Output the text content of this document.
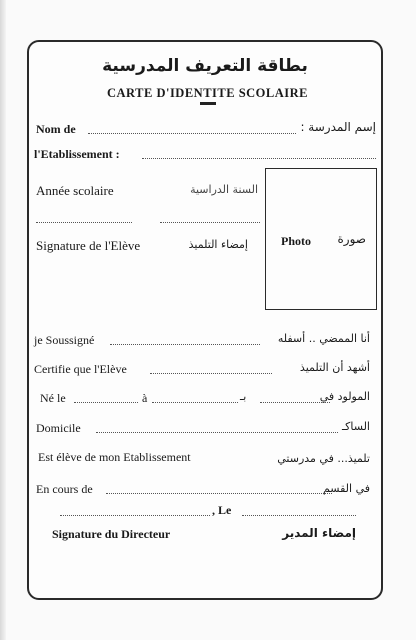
بطاقة التعريف المدرسية
CARTE D'IDENTITE SCOLAIRE
Nom de	إسم المدرسة :
l'Etablissement :
Année scolaire	السنة الدراسية
Signature de l'Elève	إمضاء التلميذ	Photo صورة
je Soussigné	أنا الممضي .. أسفله
Certifie que l'Elève	أشهد أن التلميذ
Né le	à	بـ	المولود في
Domicile	الساكـ
Est élève de mon Etablissement	تلميذ... في مدرستي
En cours de	في القسم
, Le
Signature du Directeur	إمضاء المدير
